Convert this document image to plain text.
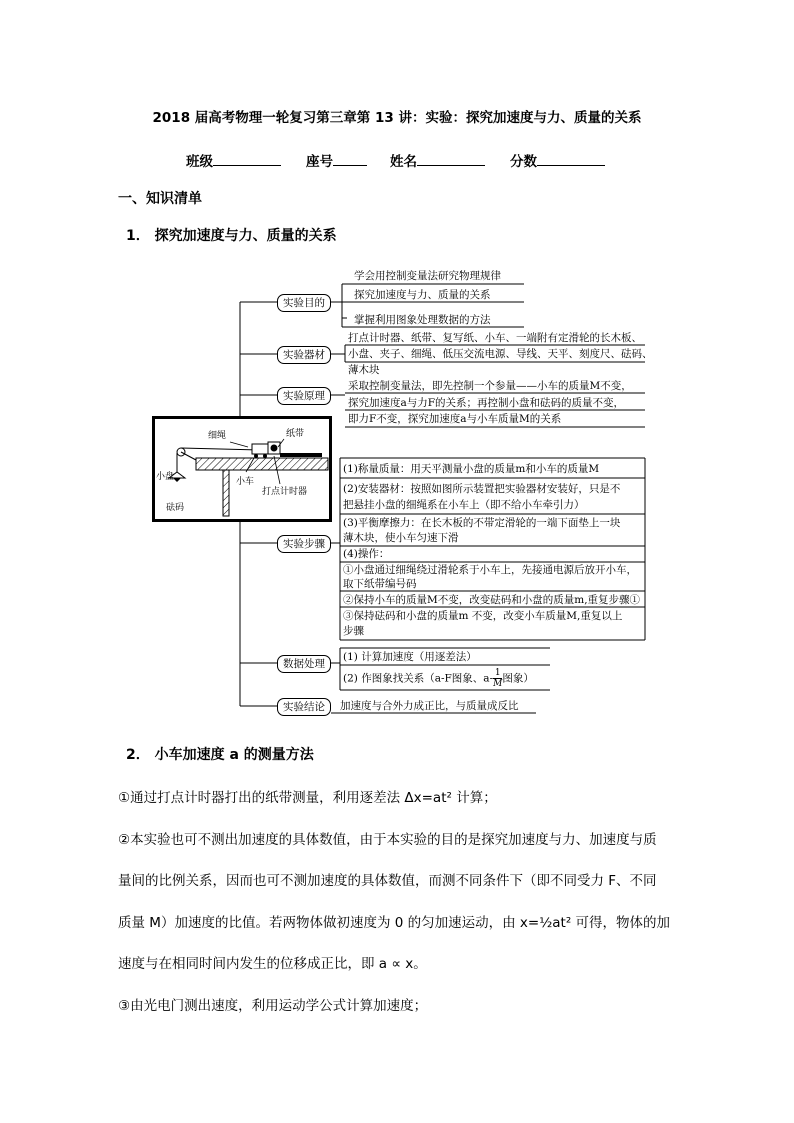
2018 届高考物理一轮复习第三章第 13 讲：实验：探究加速度与力、质量的关系
班级	座号	姓名	分数
一、知识清单
1． 探究加速度与力、质量的关系
实验目的
实验器材
实验原理
实验步骤
数据处理
实验结论
学会用控制变量法研究物理规律
探究加速度与力、质量的关系
掌握利用图象处理数据的方法
打点计时器、纸带、复写纸、小车、一端附有定滑轮的长木板、
小盘、夹子、细绳、低压交流电源、导线、天平、刻度尺、砝码、
薄木块
采取控制变量法，即先控制一个参量——小车的质量M不变，
探究加速度a与力F的关系；再控制小盘和砝码的质量不变，
即力F不变，探究加速度a与小车质量M的关系
(1)称量质量：用天平测量小盘的质量m和小车的质量M
(2)安装器材：按照如图所示装置把实验器材安装好，只是不
把悬挂小盘的细绳系在小车上（即不给小车牵引力）
(3)平衡摩擦力：在长木板的不带定滑轮的一端下面垫上一块
薄木块，使小车匀速下滑
(4)操作：
①小盘通过细绳绕过滑轮系于小车上，先接通电源后放开小车，
取下纸带编号码
②保持小车的质量M不变，改变砝码和小盘的质量m,重复步骤①
③保持砝码和小盘的质量m 不变，改变小车质量M,重复以上
步骤
(1) 计算加速度（用逐差法）
(2) 作图象找关系（a-F图象、$a- \frac{1}{M}$ 图象）
加速度与合外力成正比，与质量成反比
细绳	纸带
小盘
砝码
小车
打点计时器
2． 小车加速度 a 的测量方法
①通过打点计时器打出的纸带测量，利用逐差法 Δx=at² 计算；
②本实验也可不测出加速度的具体数值，由于本实验的目的是探究加速度与力、加速度与质
量间的比例关系，因而也可不测加速度的具体数值，而测不同条件下（即不同受力 F、不同
质量 M）加速度的比值。若两物体做初速度为 0 的匀加速运动，由 x=½at² 可得，物体的加
速度与在相同时间内发生的位移成正比，即 a ∝ x。
③由光电门测出速度，利用运动学公式计算加速度；
